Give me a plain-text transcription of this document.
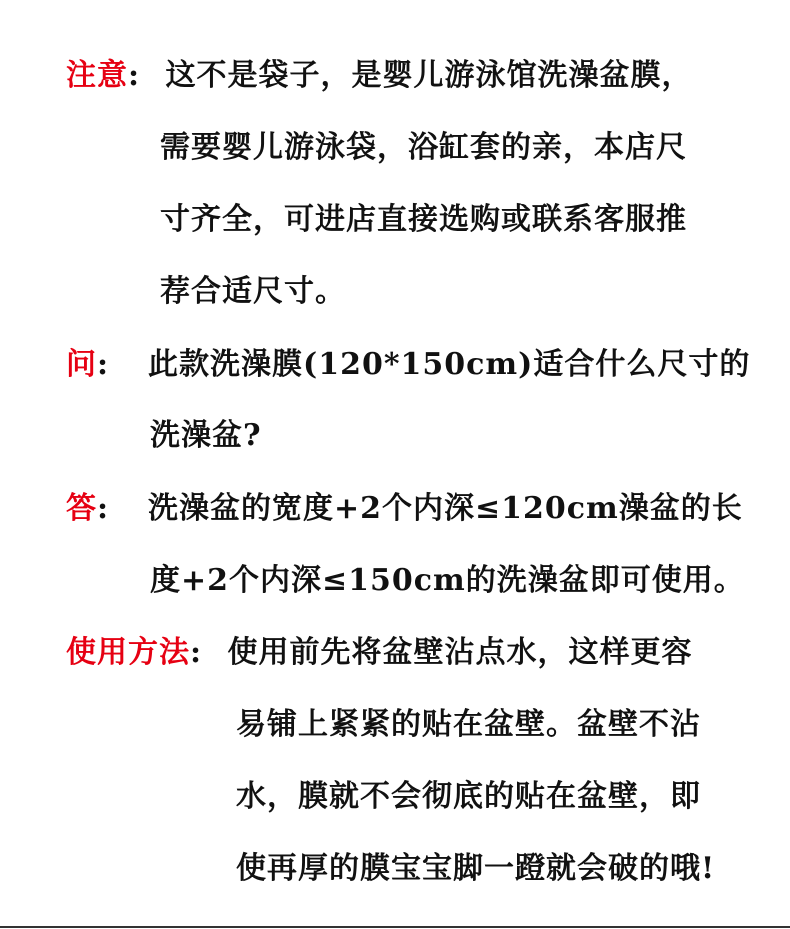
注意: 这不是袋子，是婴儿游泳馆洗澡盆膜，
需要婴儿游泳袋，浴缸套的亲，本店尺
寸齐全，可进店直接选购或联系客服推
荐合适尺寸。
问: 此款洗澡膜(120*150cm)适合什么尺寸的
洗澡盆?
答: 洗澡盆的宽度+2个内深≤120cm澡盆的长
度+2个内深≤150cm的洗澡盆即可使用。
使用方法: 使用前先将盆壁沾点水，这样更容
易铺上紧紧的贴在盆壁。盆壁不沾
水，膜就不会彻底的贴在盆壁，即
使再厚的膜宝宝脚一蹬就会破的哦!
